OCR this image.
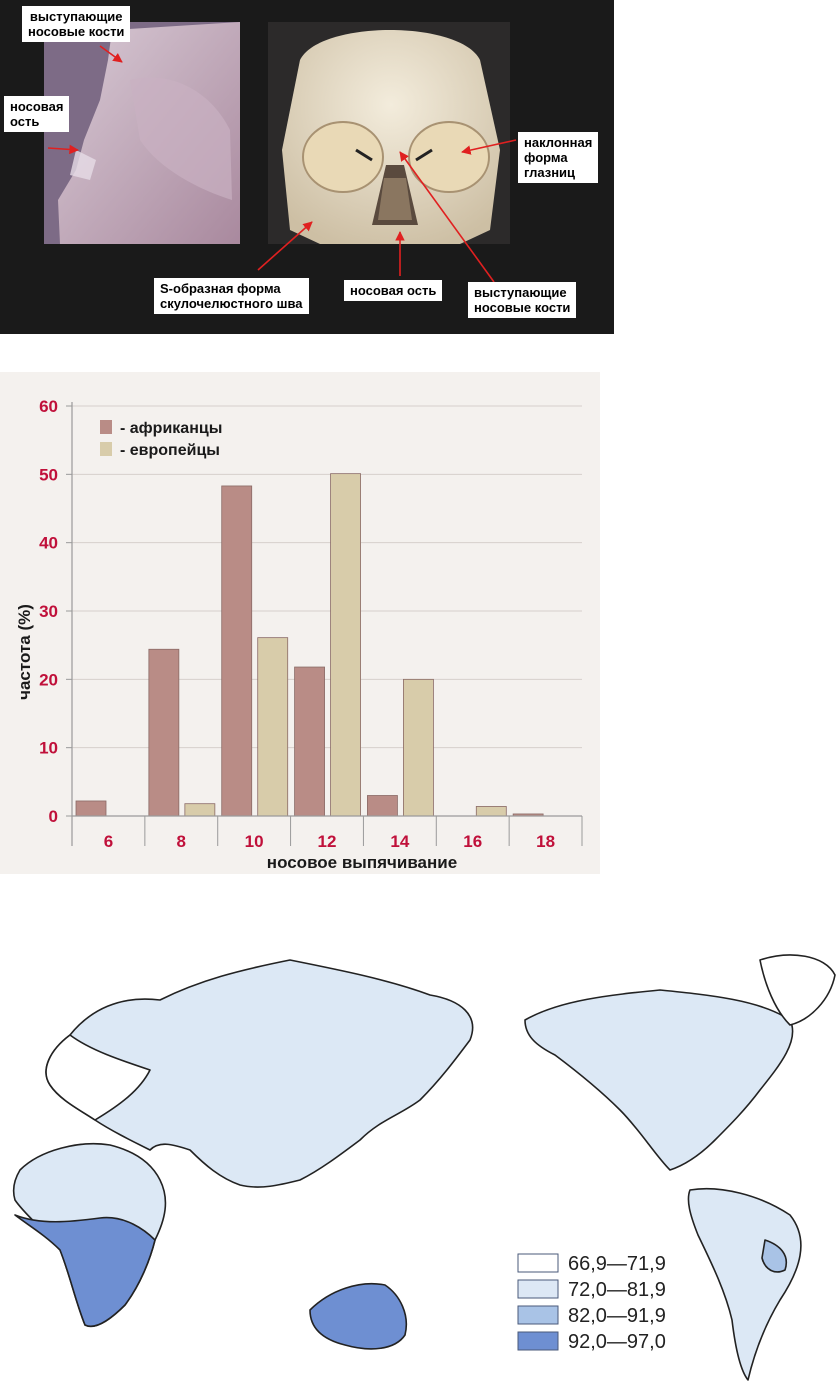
выступающие
носовые кости
носовая
ость
наклонная
форма
глазниц
S-образная форма
скулочелюстного шва
носовая ость	выступающие
носовые кости
0
10
20
30
40
50
60
6	8	10	12	14	16	18
- африканцы
- европейцы
частота (%)
носовое выпячивание
66,9—71,9
72,0—81,9
82,0—91,9
92,0—97,0
